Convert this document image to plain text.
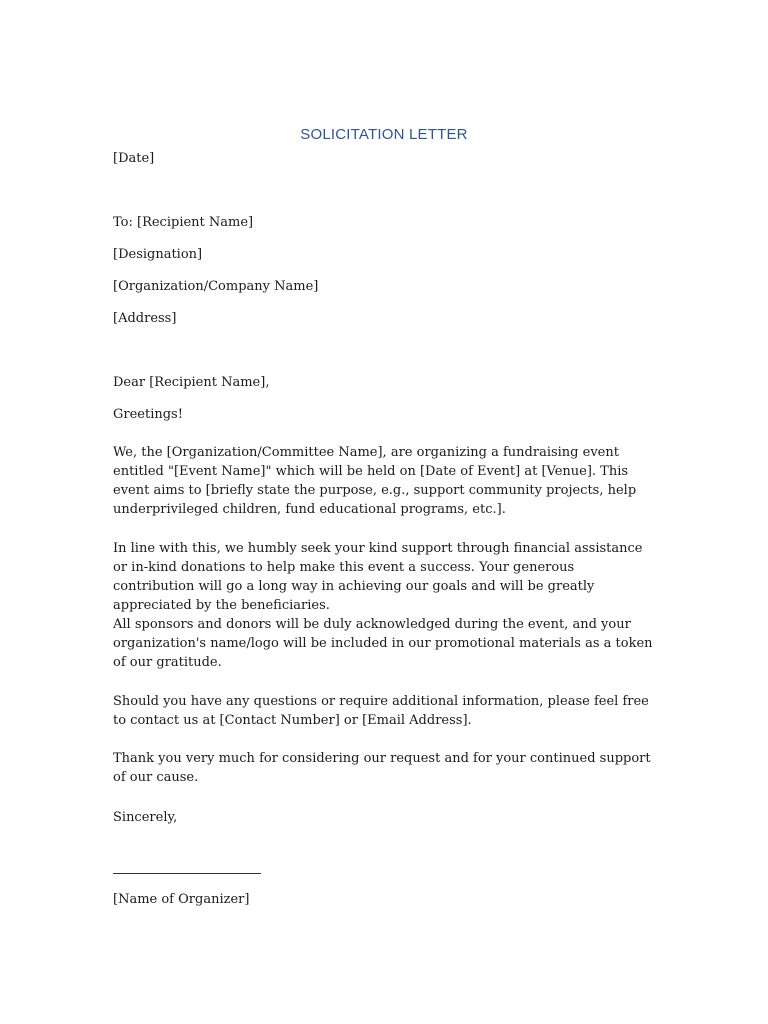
SOLICITATION LETTER
[Date]
To: [Recipient Name]
[Designation]
[Organization/Company Name]
[Address]
Dear [Recipient Name],
Greetings!
We, the [Organization/Committee Name], are organizing a fundraising event entitled "[Event Name]" which will be held on [Date of Event] at [Venue]. This event aims to [briefly state the purpose, e.g., support community projects, help underprivileged children, fund educational programs, etc.].
In line with this, we humbly seek your kind support through financial assistance or in-kind donations to help make this event a success. Your generous contribution will go a long way in achieving our goals and will be greatly appreciated by the beneficiaries.
All sponsors and donors will be duly acknowledged during the event, and your organization's name/logo will be included in our promotional materials as a token of our gratitude.
Should you have any questions or require additional information, please feel free to contact us at [Contact Number] or [Email Address].
Thank you very much for considering our request and for your continued support of our cause.
Sincerely,
[Name of Organizer]
